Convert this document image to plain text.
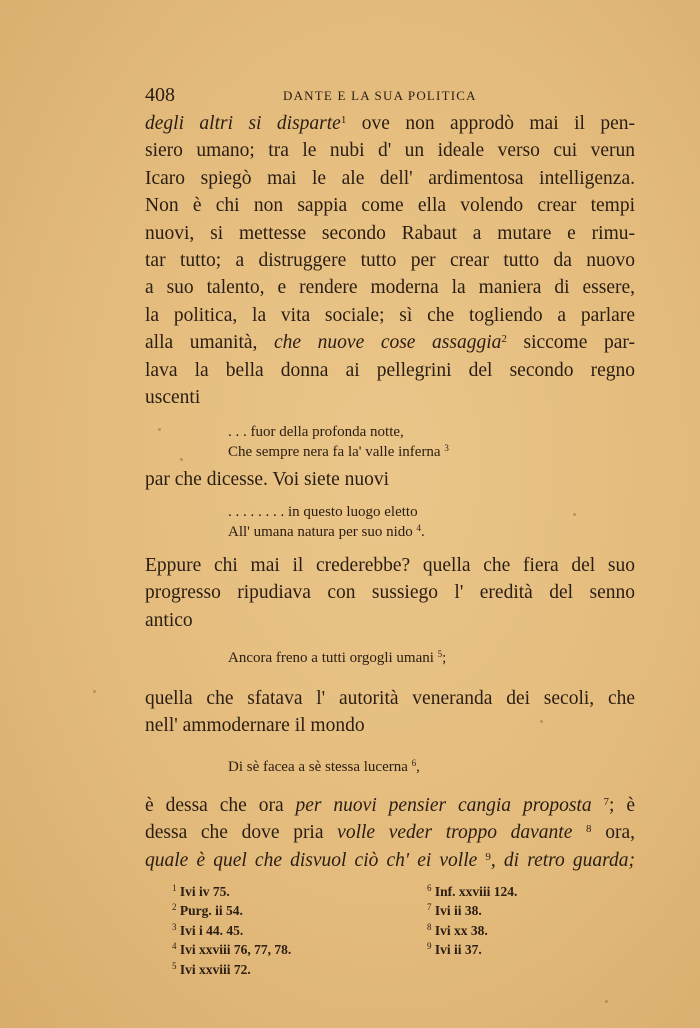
408	DANTE E LA SUA POLITICA
degli altri si disparte$^1$ ove non approdò mai il pen-
siero umano; tra le nubi d' un ideale verso cui verun
Icaro spiegò mai le ale dell' ardimentosa intelligenza.
Non è chi non sappia come ella volendo crear tempi
nuovi, si mettesse secondo Rabaut a mutare e rimu-
tar tutto; a distruggere tutto per crear tutto da nuovo
a suo talento, e rendere moderna la maniera di essere,
la politica, la vita sociale; sì che togliendo a parlare
alla umanità, che nuove cose assaggia$^2$ siccome par-
lava la bella donna ai pellegrini del secondo regno
uscenti
. . . fuor della profonda notte,
Che sempre nera fa la' valle inferna $^3$
par che dicesse. Voi siete nuovi
. . . . . . . . in questo luogo eletto
All' umana natura per suo nido $^4$.
Eppure chi mai il crederebbe? quella che fiera del suo
progresso ripudiava con sussiego l' eredità del senno
antico
Ancora freno a tutti orgogli umani $^5$;
quella che sfatava l' autorità veneranda dei secoli, che
nell' ammodernare il mondo
Di sè facea a sè stessa lucerna $^6$,
è dessa che ora per nuovi pensier cangia proposta $^7$; è
dessa che dove pria volle veder troppo davante $^8$ ora,
quale è quel che disvuol ciò ch' ei volle $^9$, di retro guarda;
$^1$ Ivi iv 75.
$^2$ Purg. ii 54.
$^3$ Ivi i 44. 45.
$^4$ Ivi xxviii 76, 77, 78.
$^5$ Ivi xxviii 72.
$^6$ Inf. xxviii 124.
$^7$ Ivi ii 38.
$^8$ Ivi xx 38.
$^9$ Ivi ii 37.
